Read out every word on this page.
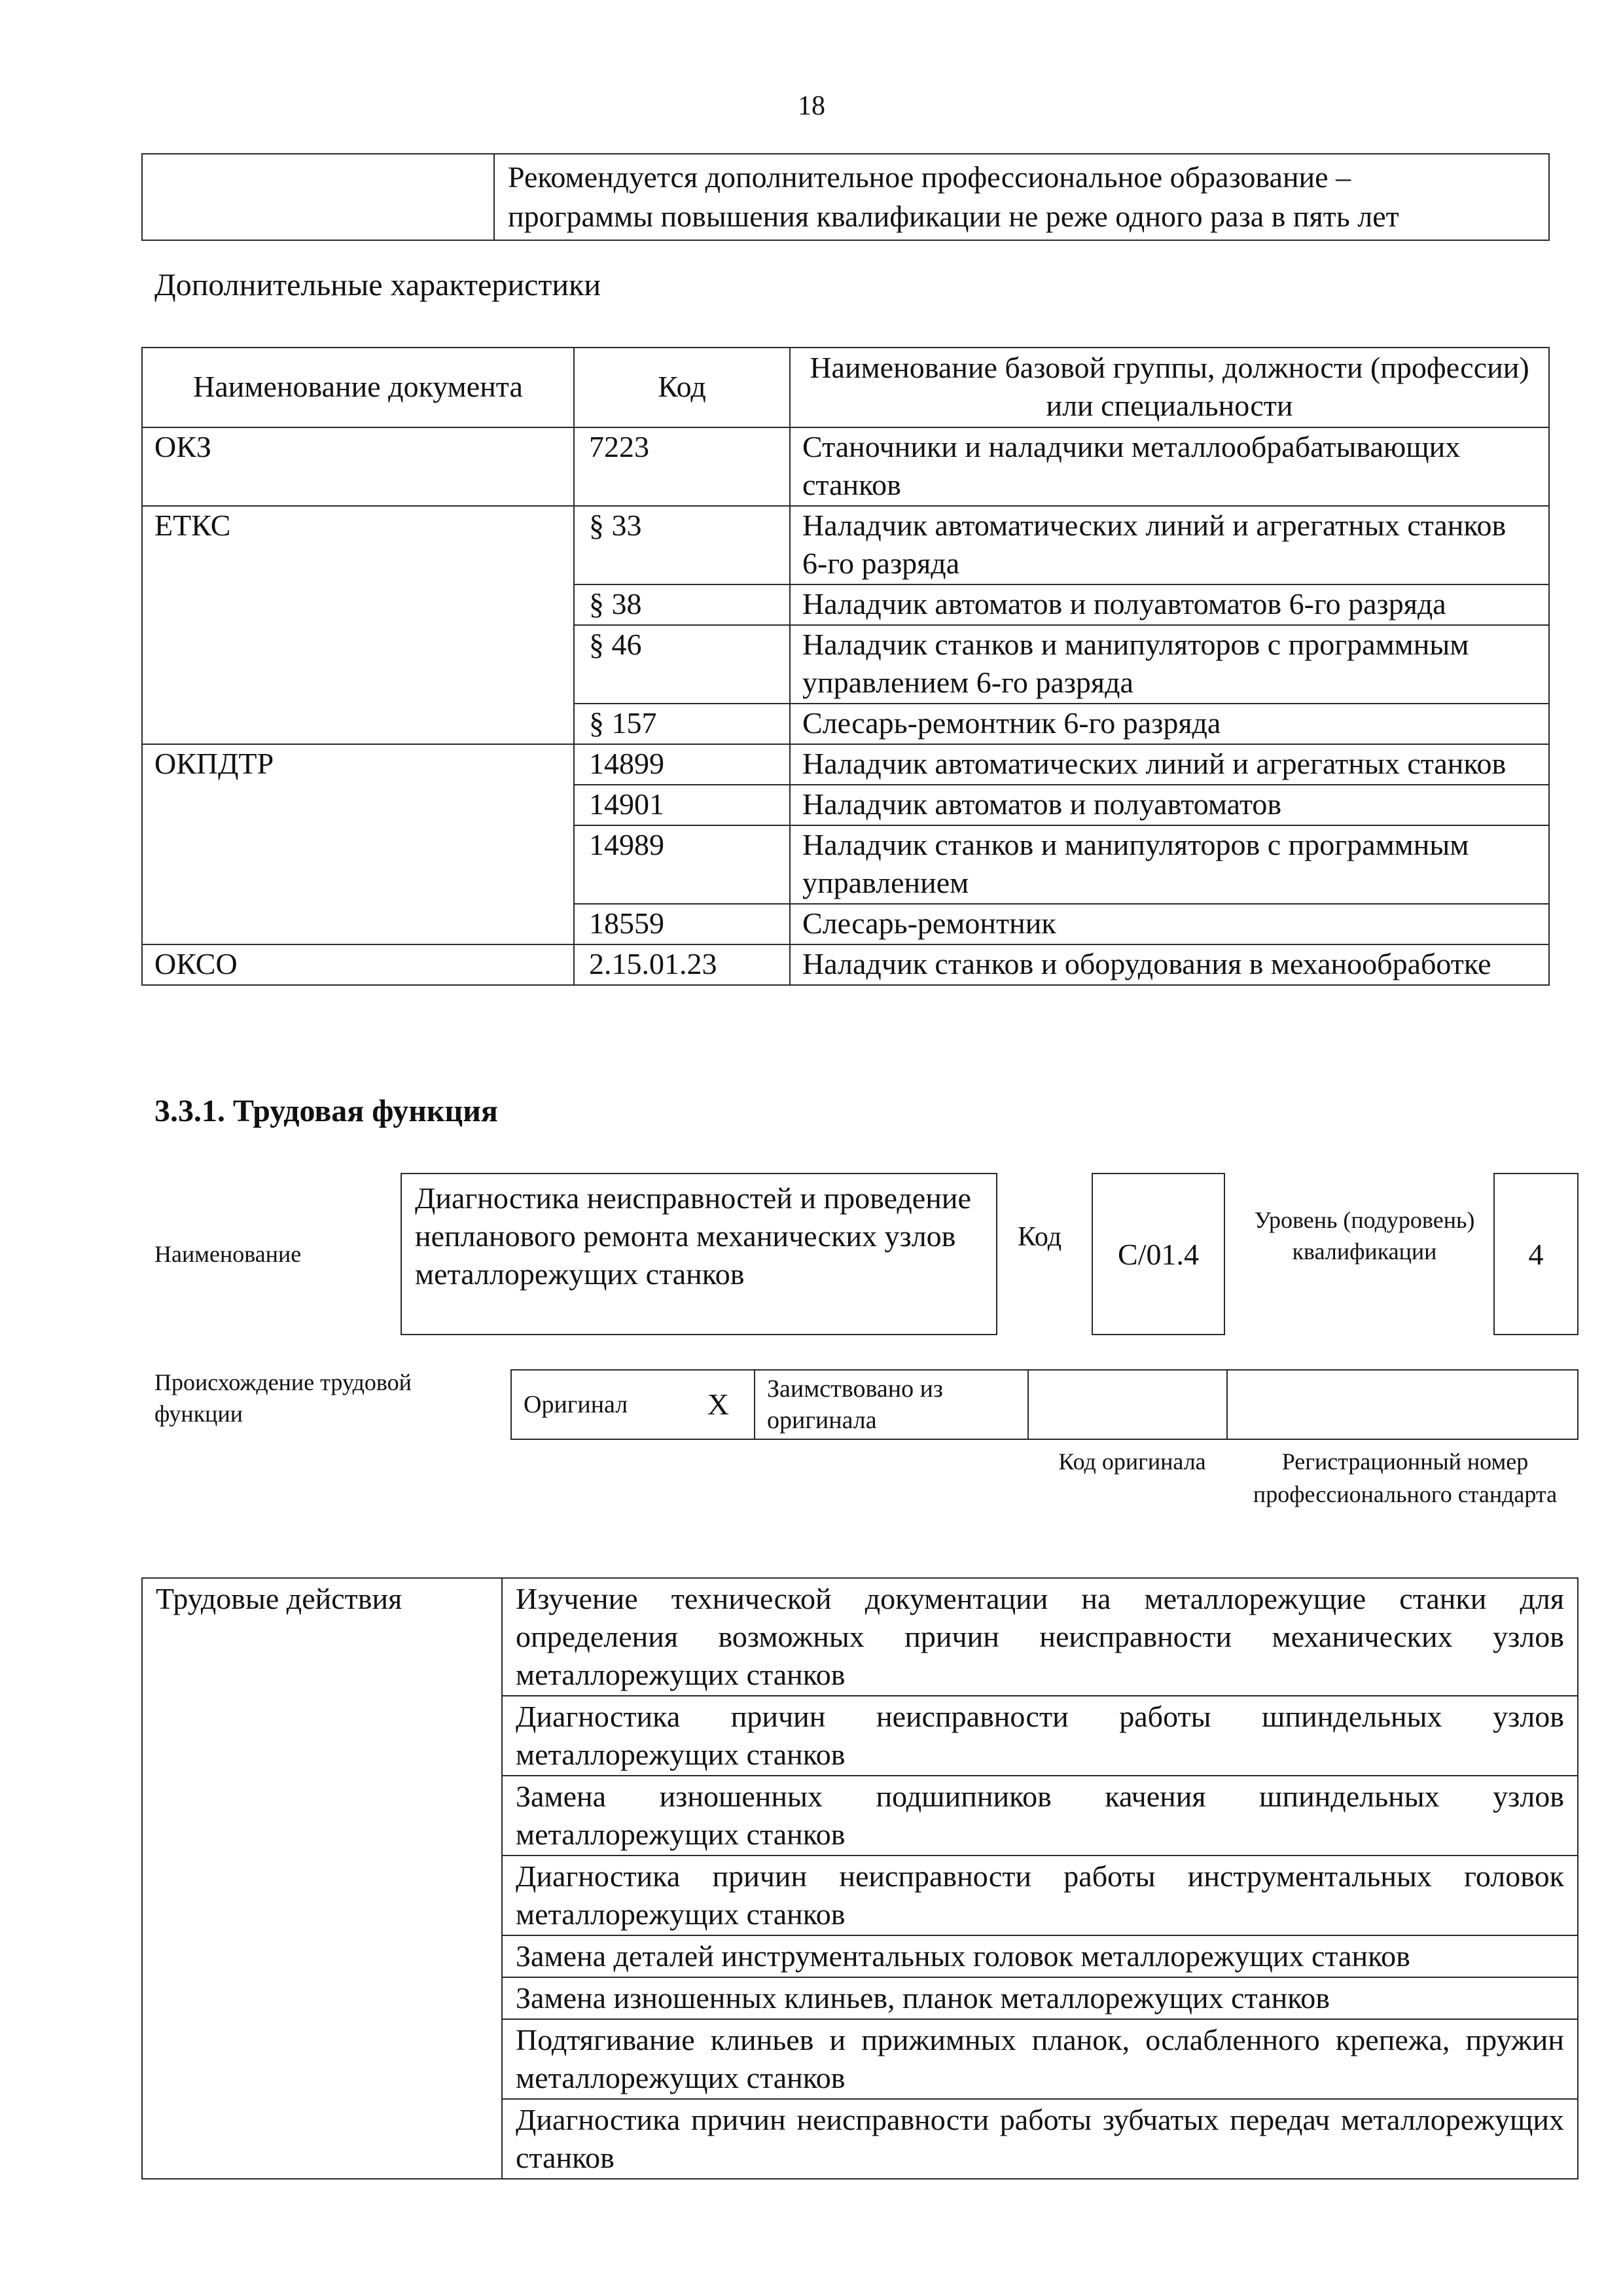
18

Рекомендуется дополнительное профессиональное образование –
программы повышения квалификации не реже одного раза в пять лет
Дополнительные характеристики
Наименование документа	Код	Наименование базовой группы, должности (профессии) или специальности
ОКЗ	7223	Станочники и наладчики металлообрабатывающих станков
ЕТКС	§ 33	Наладчик автоматических линий и агрегатных станков 6-го разряда
	§ 38	Наладчик автоматов и полуавтоматов 6-го разряда
	§ 46	Наладчик станков и манипуляторов с программным управлением 6-го разряда
	§ 157	Слесарь-ремонтник 6-го разряда
ОКПДТР	14899	Наладчик автоматических линий и агрегатных станков
	14901	Наладчик автоматов и полуавтоматов
	14989	Наладчик станков и манипуляторов с программным управлением
	18559	Слесарь-ремонтник
ОКСО	2.15.01.23	Наладчик станков и оборудования в механообработке
3.3.1. Трудовая функция
Наименование
Диагностика неисправностей и проведение непланового ремонта механических узлов металлорежущих станков
Код
С/01.4
Уровень (подуровень) квалификации	4
Происхождение трудовой функции	Оригинал	X	Заимствовано из оригинала		
Код оригинала	Регистрационный номер профессионального стандарта
Трудовые действия	Изучение технической документации на металлорежущие станки для определения возможных причин неисправности механических узлов металлорежущих станков
Диагностика причин неисправности работы шпиндельных узлов металлорежущих станков
Замена изношенных подшипников качения шпиндельных узлов металлорежущих станков
Диагностика причин неисправности работы инструментальных головок металлорежущих станков
Замена деталей инструментальных головок металлорежущих станков
Замена изношенных клиньев, планок металлорежущих станков
Подтягивание клиньев и прижимных планок, ослабленного крепежа, пружин металлорежущих станков
Диагностика причин неисправности работы зубчатых передач металлорежущих станков
